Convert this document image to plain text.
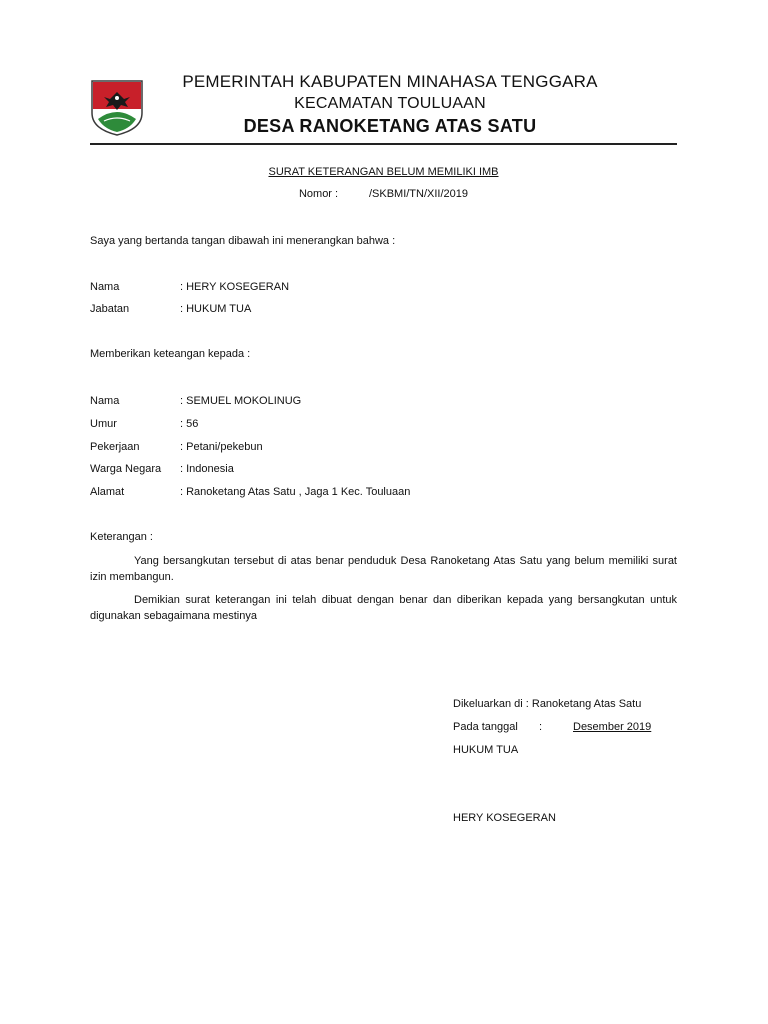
PEMERINTAH KABUPATEN MINAHASA TENGGARA
KECAMATAN TOULUAAN
DESA RANOKETANG ATAS SATU
SURAT KETERANGAN BELUM MEMILIKI IMB
Nomor :	/SKBMI/TN/XII/2019
Saya yang bertanda tangan dibawah ini menerangkan bahwa :
Nama	: HERY KOSEGERAN
Jabatan	: HUKUM TUA
Memberikan keteangan kepada :
Nama	: SEMUEL MOKOLINUG
Umur	: 56
Pekerjaan	: Petani/pekebun
Warga Negara : Indonesia
Alamat	: Ranoketang Atas Satu , Jaga 1 Kec. Touluaan
Keterangan :
Yang bersangkutan tersebut di atas benar penduduk Desa Ranoketang Atas Satu yang belum memiliki surat izin membangun.
Demikian surat keterangan ini telah dibuat dengan benar dan diberikan kepada yang bersangkutan untuk digunakan sebagaimana mestinya
Dikeluarkan di : Ranoketang Atas Satu
Pada tanggal :	Desember 2019
HUKUM TUA
HERY KOSEGERAN
